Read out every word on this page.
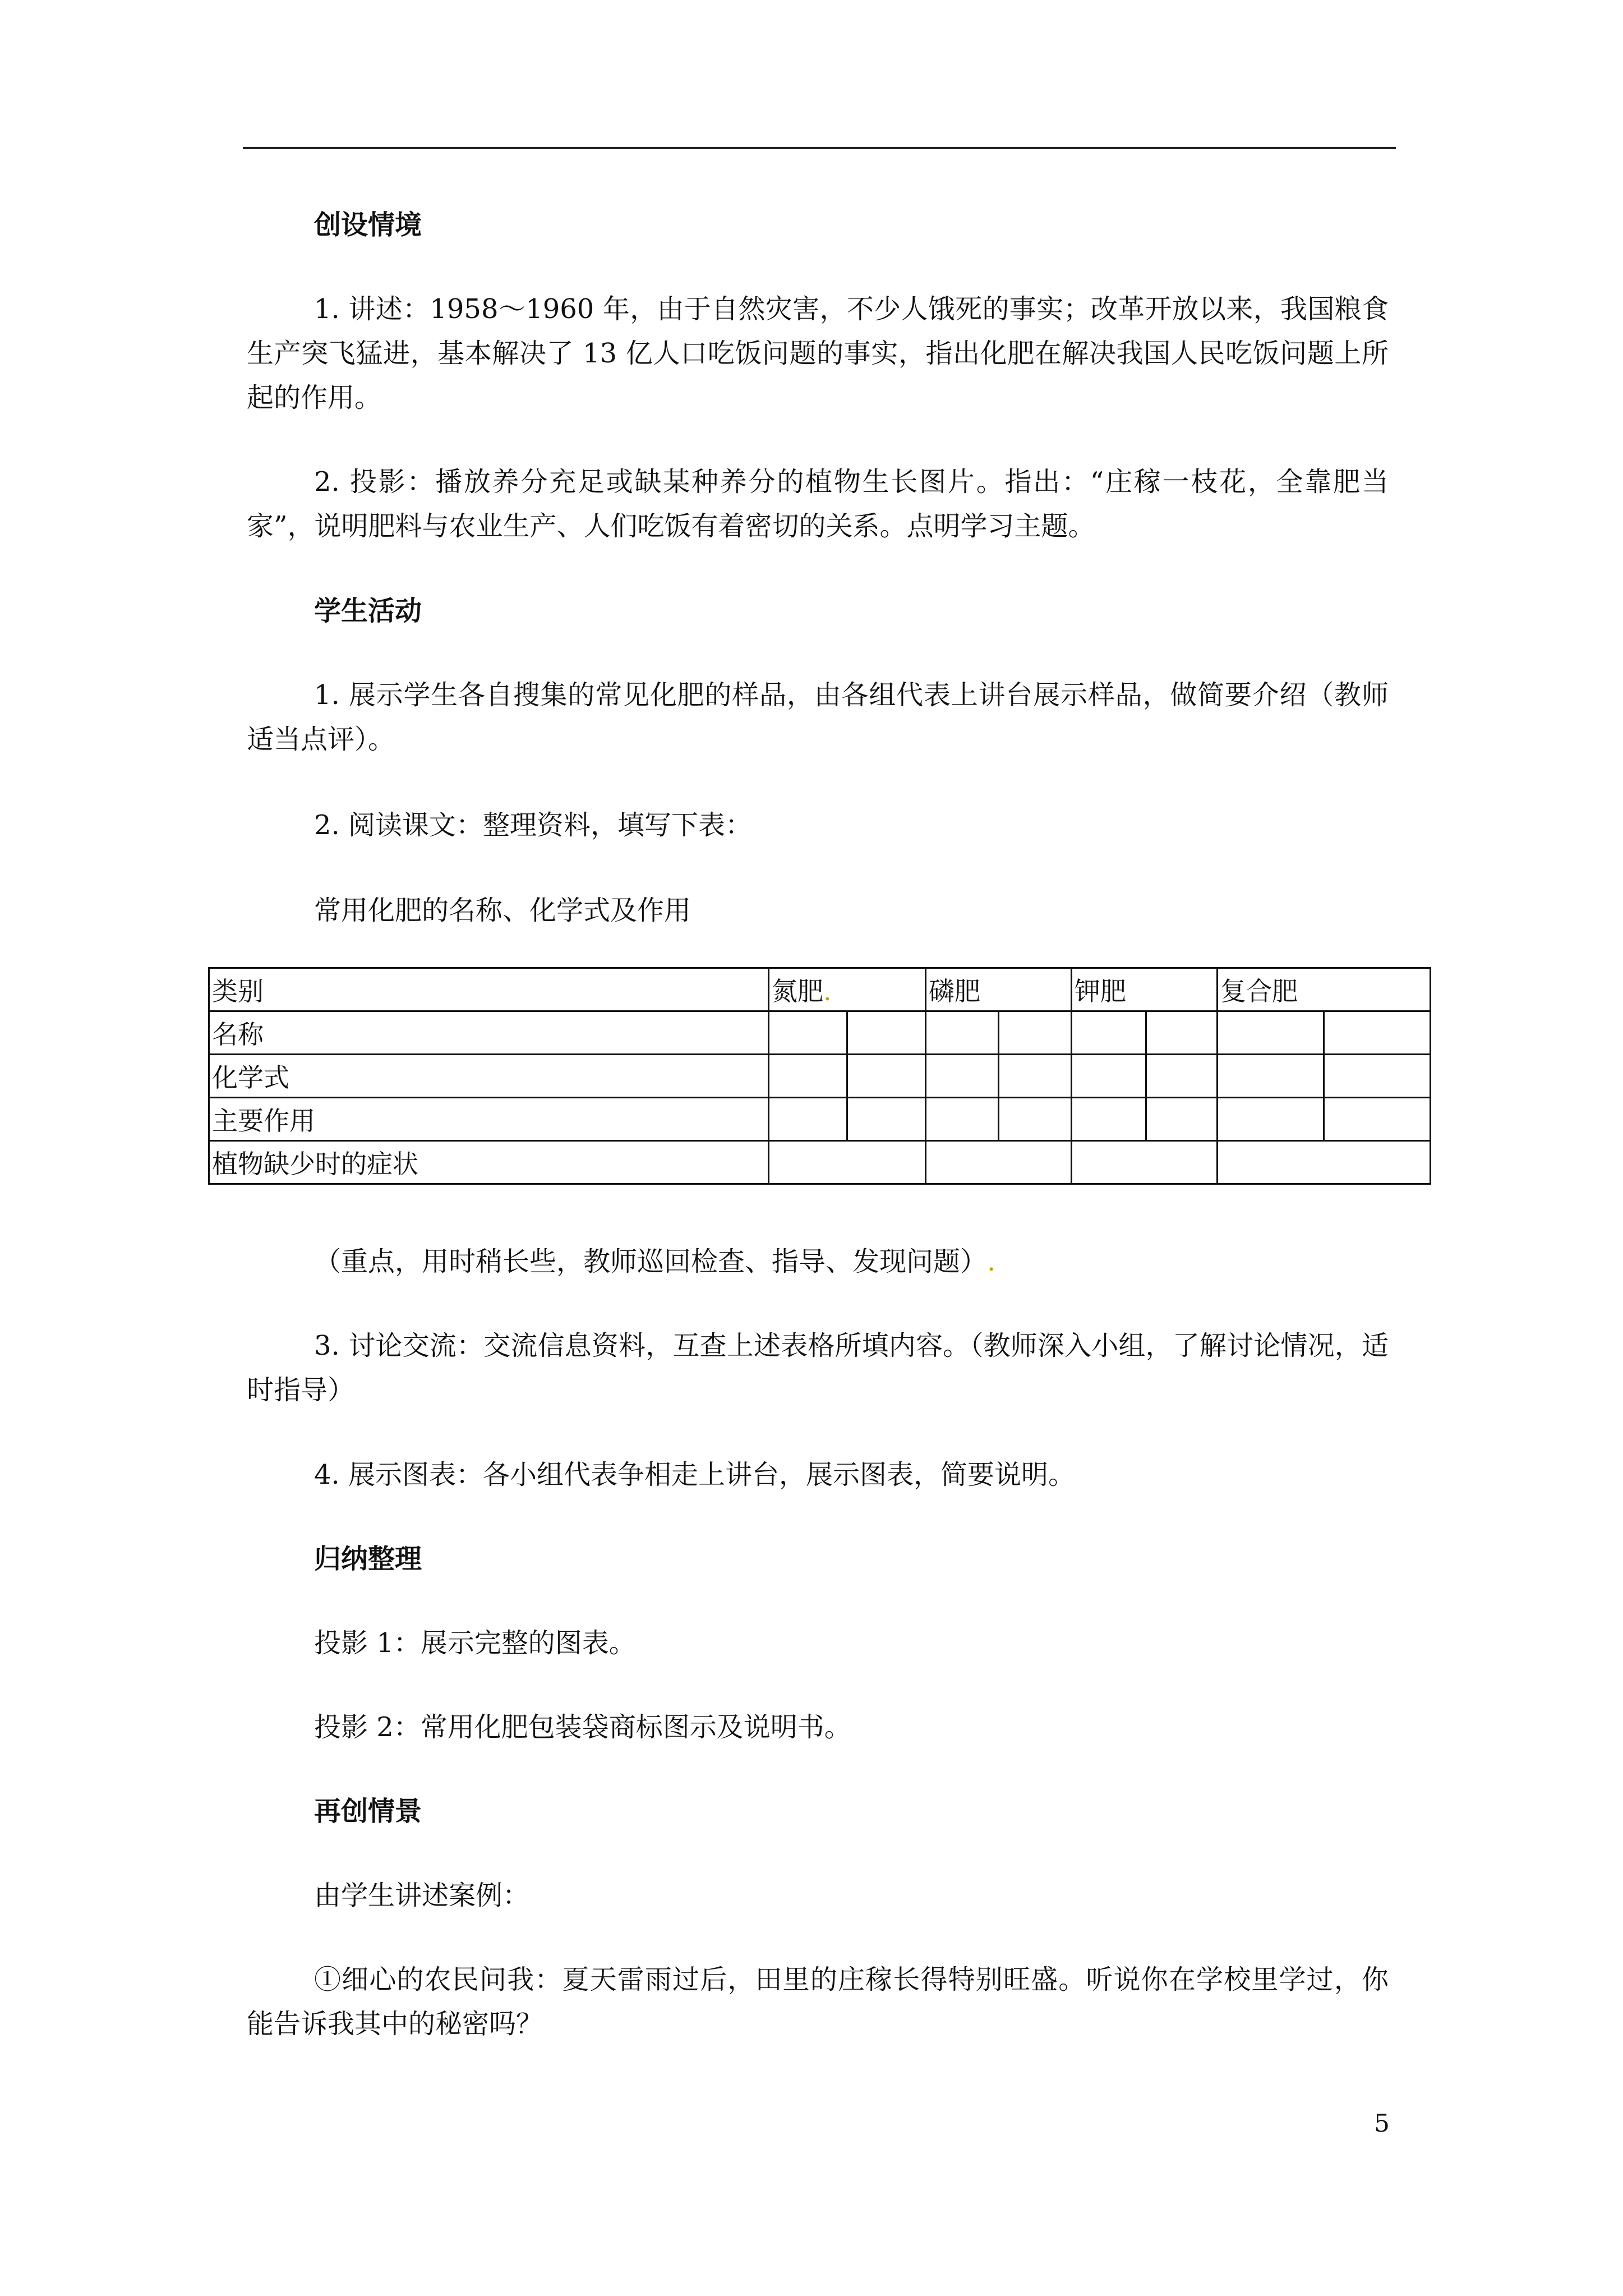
创设情境

1. 讲述：1958～1960 年，由于自然灾害，不少人饿死的事实；改革开放以来，我国粮食生产突飞猛进，基本解决了 13 亿人口吃饭问题的事实，指出化肥在解决我国人民吃饭问题上所起的作用。

2. 投影：播放养分充足或缺某种养分的植物生长图片。指出：“庄稼一枝花，全靠肥当家”，说明肥料与农业生产、人们吃饭有着密切的关系。点明学习主题。

学生活动

1. 展示学生各自搜集的常见化肥的样品，由各组代表上讲台展示样品，做简要介绍（教师适当点评）。

2. 阅读课文：整理资料，填写下表：

常用化肥的名称、化学式及作用

类别	氮肥.		磷肥		钾肥		复合肥	
名称								
化学式								
主要作用								
植物缺少时的症状								

（重点，用时稍长些，教师巡回检查、指导、发现问题）.

3. 讨论交流：交流信息资料，互查上述表格所填内容。（教师深入小组，了解讨论情况，适时指导）

4. 展示图表：各小组代表争相走上讲台，展示图表，简要说明。

归纳整理

投影 1：展示完整的图表。

投影 2：常用化肥包装袋商标图示及说明书。

再创情景

由学生讲述案例：

①细心的农民问我：夏天雷雨过后，田里的庄稼长得特别旺盛。听说你在学校里学过，你能告诉我其中的秘密吗？

5
